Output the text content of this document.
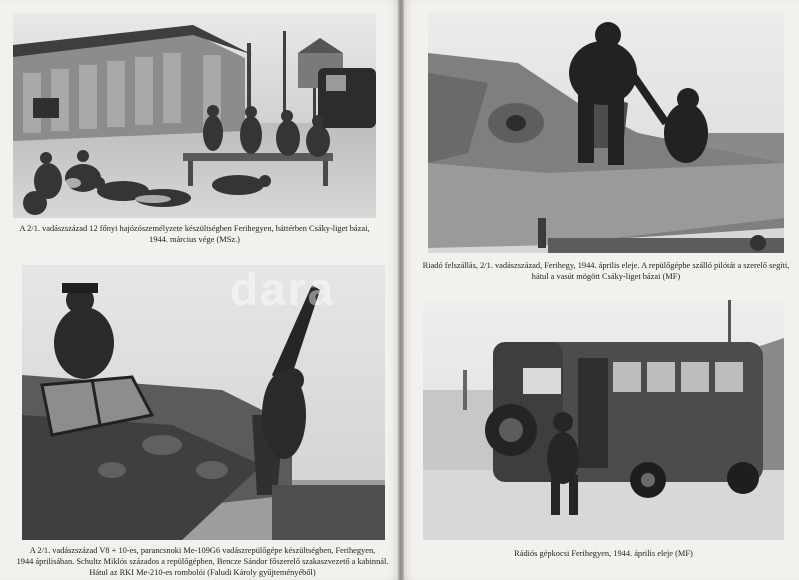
A 2/1. vadászszázad 12 főnyi hajózószemélyzete készültségben Ferihegyen, háttérben Csáky-liget bázai,
1944. március vége (MSz.)
A 2/1. vadászszázad V8 + 10-es, parancsnoki Me-109G6 vadászrepülőgépe készültségben, Ferihegyen,
1944 áprilisában. Schultz Miklós százados a repülőgépben, Bencze Sándor főszerelő szakaszvezető a kabinnál.
Hátul az RKI Me-210-es rombolói (Faludi Károly gyűjteményéből)
Riadó felszállás, 2/1. vadászszázad, Ferihegy, 1944. április eleje. A repülőgépbe szálló pilótát a szerelő segíti,
hátul a vasút mögött Csáky-liget bázai (MF)
Rádiós gépkocsi Ferihegyen, 1944. április eleje (MF)
dara
